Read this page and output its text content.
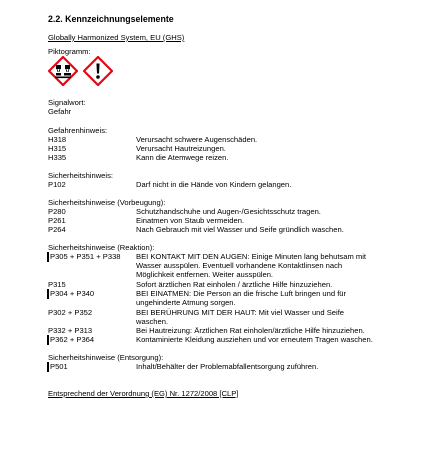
2.2. Kennzeichnungselemente
Globally Harmonized System, EU (GHS)
Piktogramm:
Signalwort:
Gefahr
Gefahrenhinweis:
H318	Verursacht schwere Augenschäden.
H315	Verursacht Hautreizungen.
H335	Kann die Atemwege reizen.
Sicherheitshinweis:
P102	Darf nicht in die Hände von Kindern gelangen.
Sicherheitshinweise (Vorbeugung):
P280	Schutzhandschuhe und Augen-/Gesichtsschutz tragen.
P261	Einatmen von Staub vermeiden.
P264	Nach Gebrauch mit viel Wasser und Seife gründlich waschen.
Sicherheitshinweise (Reaktion):
P305 + P351 + P338 BEI KONTAKT MIT DEN AUGEN: Einige Minuten lang behutsam mit
Wasser ausspülen. Eventuell vorhandene Kontaktlinsen nach
Möglichkeit entfernen. Weiter ausspülen.
P315	Sofort ärztlichen Rat einholen / ärztliche Hilfe hinzuziehen.
P304 + P340	BEI EINATMEN: Die Person an die frische Luft bringen und für
ungehinderte Atmung sorgen.
P302 + P352	BEI BERÜHRUNG MIT DER HAUT: Mit viel Wasser und Seife
waschen.
P332 + P313	Bei Hautreizung: Ärztlichen Rat einholen/ärztliche Hilfe hinzuziehen.
P362 + P364	Kontaminierte Kleidung ausziehen und vor erneutem Tragen waschen.
Sicherheitshinweise (Entsorgung):
P501	Inhalt/Behälter der Problemabfallentsorgung zuführen.
Entsprechend der Verordnung (EG) Nr. 1272/2008 [CLP]
